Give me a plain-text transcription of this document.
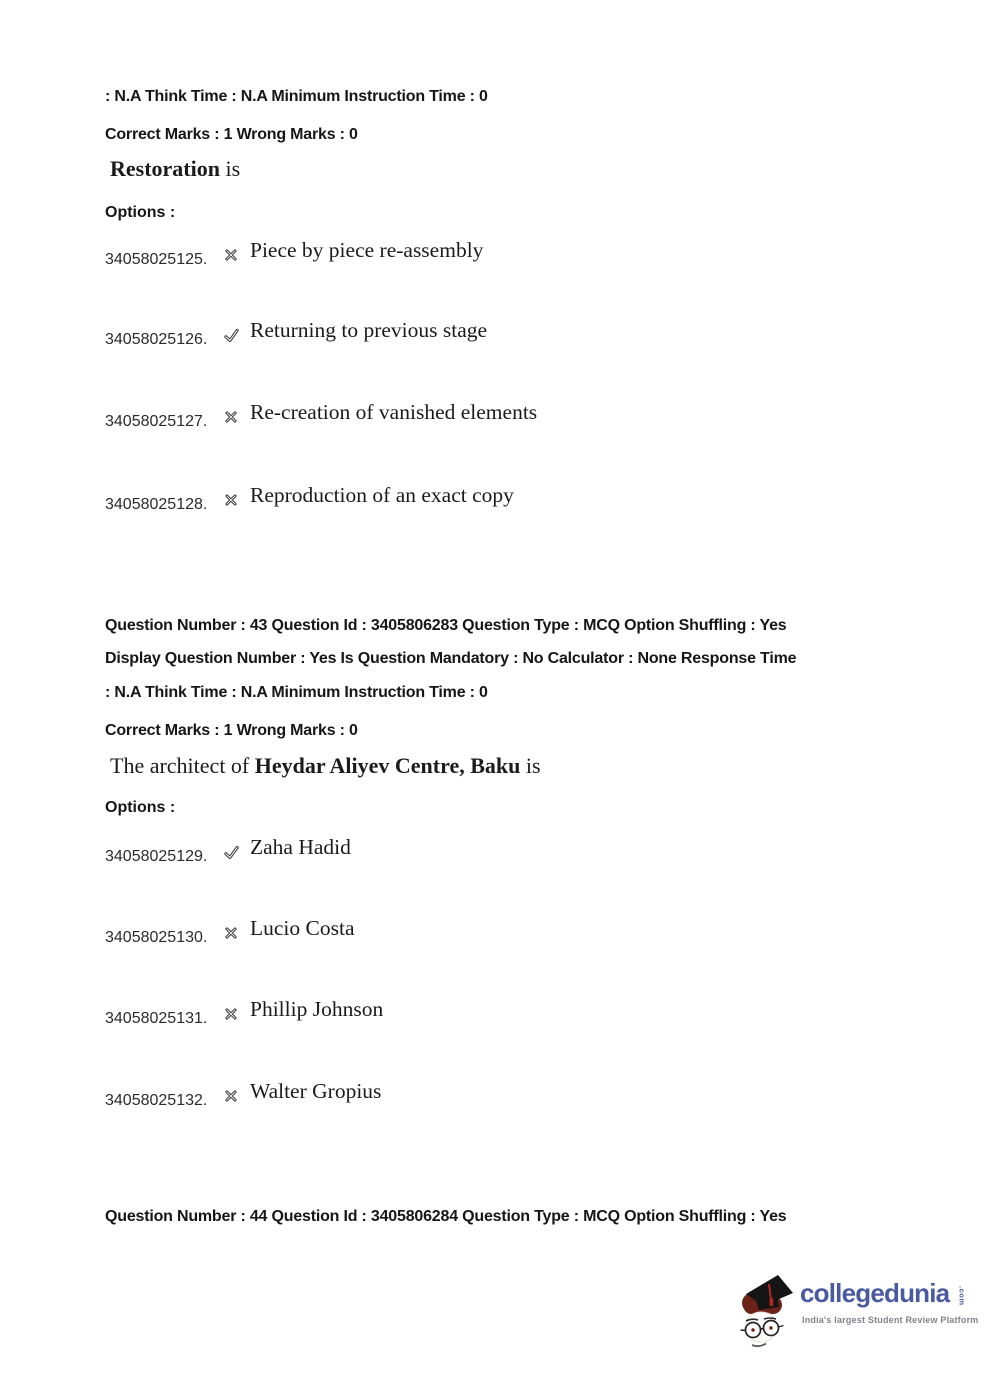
: N.A Think Time : N.A Minimum Instruction Time : 0
Correct Marks : 1 Wrong Marks : 0
Restoration is
Options :
34058025125. Piece by piece re-assembly
34058025126. Returning to previous stage
34058025127. Re-creation of vanished elements
34058025128. Reproduction of an exact copy
Question Number : 43 Question Id : 3405806283 Question Type : MCQ Option Shuffling : Yes
Display Question Number : Yes Is Question Mandatory : No Calculator : None Response Time
: N.A Think Time : N.A Minimum Instruction Time : 0
Correct Marks : 1 Wrong Marks : 0
The architect of Heydar Aliyev Centre, Baku is
Options :
34058025129. Zaha Hadid
34058025130. Lucio Costa
34058025131. Phillip Johnson
34058025132. Walter Gropius
Question Number : 44 Question Id : 3405806284 Question Type : MCQ Option Shuffling : Yes
collegedunia .com
India's largest Student Review Platform
